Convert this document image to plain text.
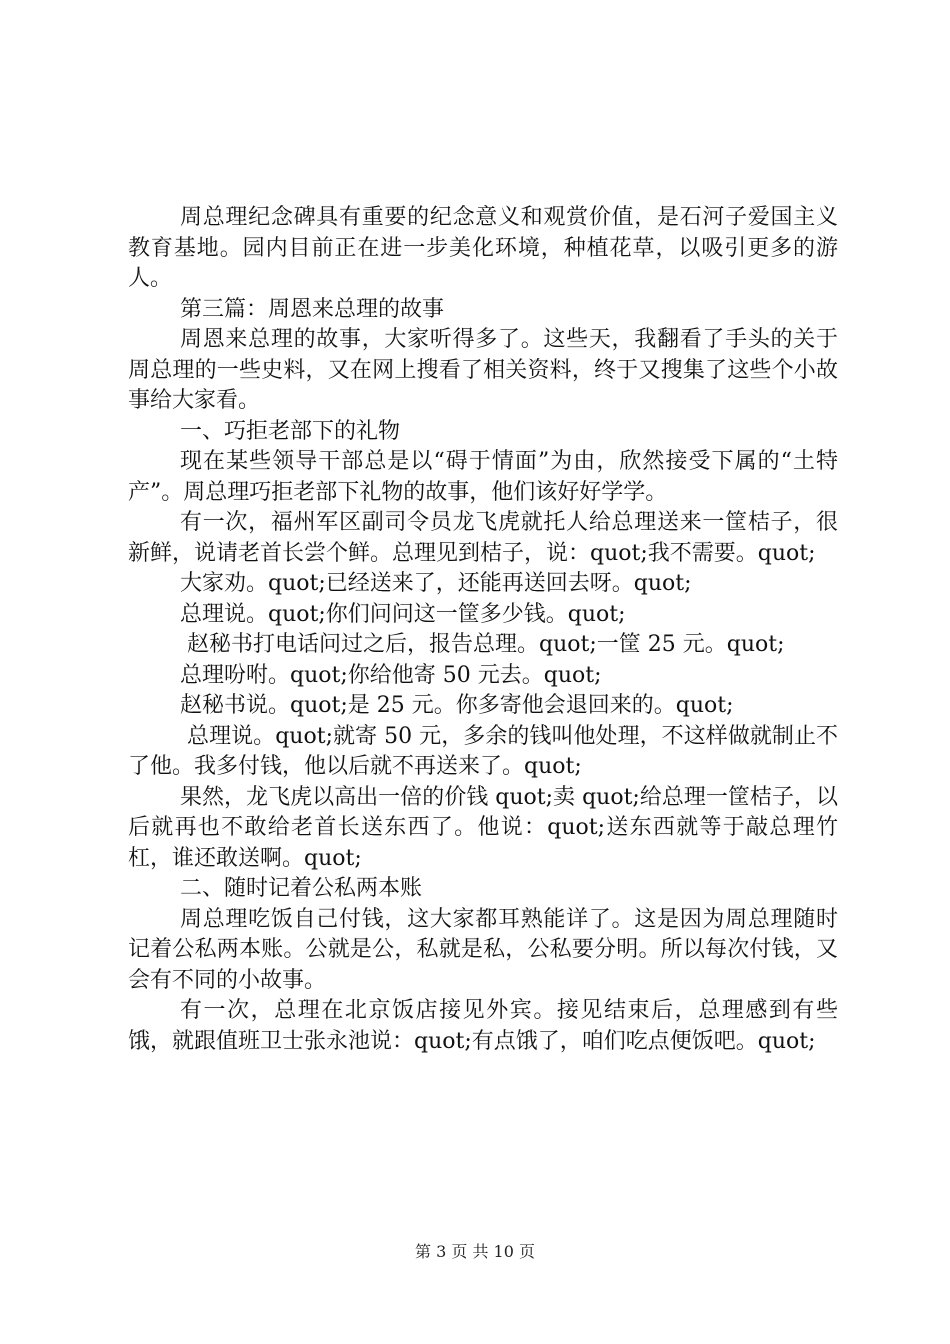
周总理纪念碑具有重要的纪念意义和观赏价值，是石河子爱国主义教育基地。园内目前正在进一步美化环境，种植花草，以吸引更多的游人。

第三篇：周恩来总理的故事

周恩来总理的故事，大家听得多了。这些天，我翻看了手头的关于周总理的一些史料，又在网上搜看了相关资料，终于又搜集了这些个小故事给大家看。

一、巧拒老部下的礼物

现在某些领导干部总是以“碍于情面”为由，欣然接受下属的“土特产”。周总理巧拒老部下礼物的故事，他们该好好学学。

有一次，福州军区副司令员龙飞虎就托人给总理送来一筐桔子，很新鲜，说请老首长尝个鲜。总理见到桔子，说：quot;我不需要。quot;

大家劝。quot;已经送来了，还能再送回去呀。quot;

总理说。quot;你们问问这一筐多少钱。quot;

赵秘书打电话问过之后，报告总理。quot;一筐 25 元。quot;

总理吩咐。quot;你给他寄 50 元去。quot;

赵秘书说。quot;是 25 元。你多寄他会退回来的。quot;

总理说。quot;就寄 50 元，多余的钱叫他处理，不这样做就制止不了他。我多付钱，他以后就不再送来了。quot;

果然，龙飞虎以高出一倍的价钱 quot;卖 quot;给总理一筐桔子，以后就再也不敢给老首长送东西了。他说：quot;送东西就等于敲总理竹杠，谁还敢送啊。quot;

二、随时记着公私两本账

周总理吃饭自己付钱，这大家都耳熟能详了。这是因为周总理随时记着公私两本账。公就是公，私就是私，公私要分明。所以每次付钱，又会有不同的小故事。

有一次，总理在北京饭店接见外宾。接见结束后，总理感到有些饿，就跟值班卫士张永池说：quot;有点饿了，咱们吃点便饭吧。quot;

第 3 页 共 10 页
